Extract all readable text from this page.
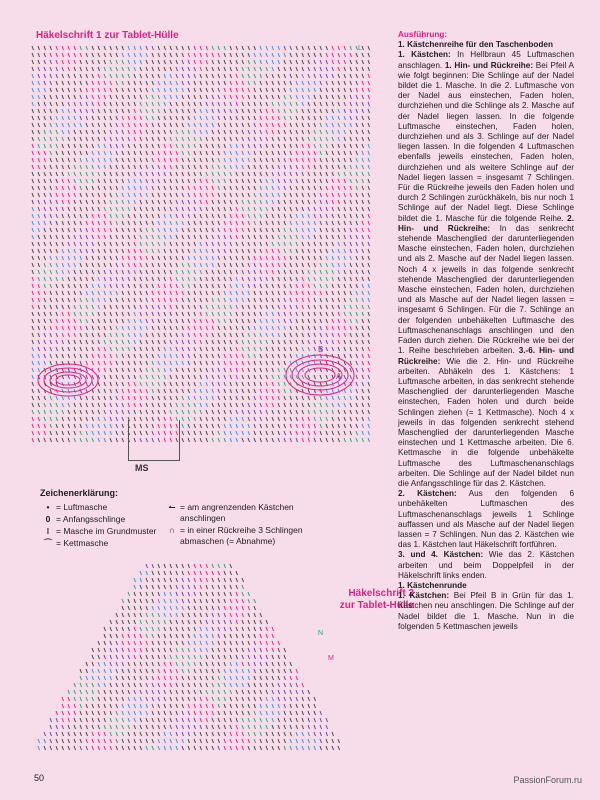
Häkelschrift 1 zur Tablet-Hülle
B
A
L
MS
Zeichenerklärung:
• = Luftmasche
0 = Anfangsschlinge
ǀ = Masche im Grundmuster
⌒ = Kettmasche
↼ = am angrenzenden Kästchen anschlingen
∩ = in einer Rückreihe 3 Schlingen abmaschen (= Abnahme)
Häkelschrift 2
zur Tablet-Hülle
N
M
Ausführung:
1. Kästchenreihe für den Taschenboden

1. Kästchen: In Hellbraun 45 Luftmaschen anschlagen. 1. Hin- und Rückreihe: Bei Pfeil A wie folgt beginnen: Die Schlinge auf der Nadel bildet die 1. Masche. In die 2. Luftmasche von der Nadel aus einstechen, Faden holen, durchziehen und die Schlinge als 2. Masche auf der Nadel liegen lassen. In die folgende Luftmasche einstechen, Faden holen, durchziehen und als 3. Schlinge auf der Nadel liegen lassen. In die folgenden 4 Luftmaschen ebenfalls jeweils einstechen, Faden holen, durchziehen und als weitere Schlinge auf der Nadel liegen lassen = insgesamt 7 Schlingen. Für die Rückreihe jeweils den Faden holen und durch 2 Schlingen zurückhäkeln, bis nur noch 1 Schlinge auf der Nadel liegt. Diese Schlinge bildet die 1. Masche für die folgende Reihe. 2. Hin- und Rückreihe: In das senkrecht stehende Maschenglied der darunterliegenden Masche einstechen, Faden holen, durchziehen und als 2. Masche auf der Nadel liegen lassen. Noch 4 x jeweils in das folgende senkrecht stehende Maschenglied der darunterliegenden Masche einstechen, Faden holen, durchziehen und als Masche auf der Nadel liegen lassen = insgesamt 6 Schlingen. Für die 7. Schlinge an der folgenden unbehäkelten Luftmasche des Luftmaschenanschlags anschlingen und den Faden durch ziehen. Die Rückreihe wie bei der 1. Reihe beschrieben arbeiten. 3.-6. Hin- und Rückreihe: Wie die 2. Hin- und Rückreihe arbeiten. Abhäkeln des 1. Kästchens: 1 Luftmasche arbeiten, in das senkrecht stehende Maschenglied der darunterliegenden Masche einstechen, Faden holen und durch beide Schlingen ziehen (= 1 Kettmasche). Noch 4 x jeweils in das folgenden senkrecht stehend Maschenglied der darunterliegenden Masche einstechen und 1 Kettmasche arbeiten. Die 6. Kettmasche in die folgende unbehäkelte Luftmasche des Luftmaschenanschlags arbeiten. Die Schlinge auf der Nadel bildet nun die Anfangsschlinge für das 2. Kästchen.

2. Kästchen: Aus den folgenden 6 unbehäkelten Luftmaschen des Luftmaschenanschlags jeweils 1 Schlinge auffassen und als Masche auf der Nadel liegen lassen = 7 Schlingen. Nun das 2. Kästchen wie das 1. Kästchen laut Häkelschrift fortführen.

3. und 4. Kästchen: Wie das 2. Kästchen arbeiten und beim Doppelpfeil in der Häkelschrift links enden.

1. Kästchenrunde

1. Kästchen: Bei Pfeil B in Grün für das 1. Kästchen neu anschlingen. Die Schlinge auf der Nadel bildet die 1. Masche. Nun in die folgenden 5 Kettmaschen jeweils

50	PassionForum.ru
